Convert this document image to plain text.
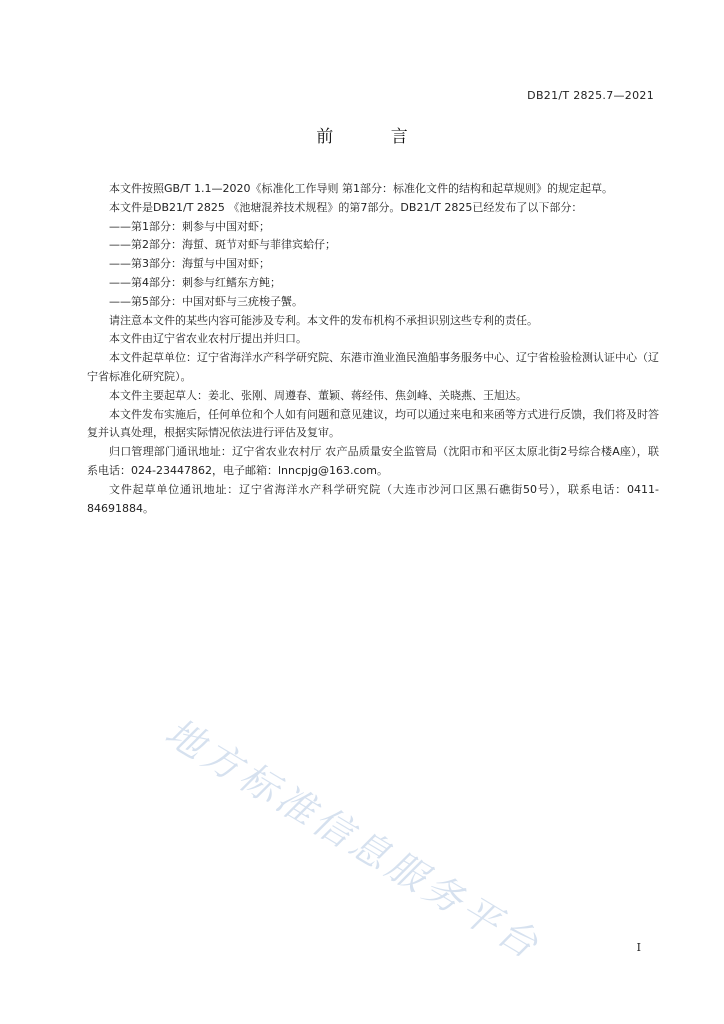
DB21/T 2825.7—2021
前 言

本文件按照GB/T 1.1—2020《标准化工作导则 第1部分：标准化文件的结构和起草规则》的规定起草。

本文件是DB21/T 2825 《池塘混养技术规程》的第7部分。DB21/T 2825已经发布了以下部分：

——第1部分：刺参与中国对虾；

——第2部分：海蜇、斑节对虾与菲律宾蛤仔；

——第3部分：海蜇与中国对虾；

——第4部分：刺参与红鳍东方鲀；

——第5部分：中国对虾与三疣梭子蟹。

请注意本文件的某些内容可能涉及专利。本文件的发布机构不承担识别这些专利的责任。

本文件由辽宁省农业农村厅提出并归口。

本文件起草单位：辽宁省海洋水产科学研究院、东港市渔业渔民渔船事务服务中心、辽宁省检验检测认证中心（辽宁省标准化研究院）。

本文件主要起草人：姜北、张刚、周遵春、董颖、蒋经伟、焦剑峰、关晓燕、王旭达。

本文件发布实施后，任何单位和个人如有问题和意见建议，均可以通过来电和来函等方式进行反馈，我们将及时答复并认真处理，根据实际情况依法进行评估及复审。

归口管理部门通讯地址：辽宁省农业农村厅 农产品质量安全监管局（沈阳市和平区太原北街2号综合楼A座），联系电话：024-23447862，电子邮箱：lnncpjg@163.com。

文件起草单位通讯地址：辽宁省海洋水产科学研究院（大连市沙河口区黑石礁街50号），联系电话：0411-84691884。

地方标准信息服务平台	I
